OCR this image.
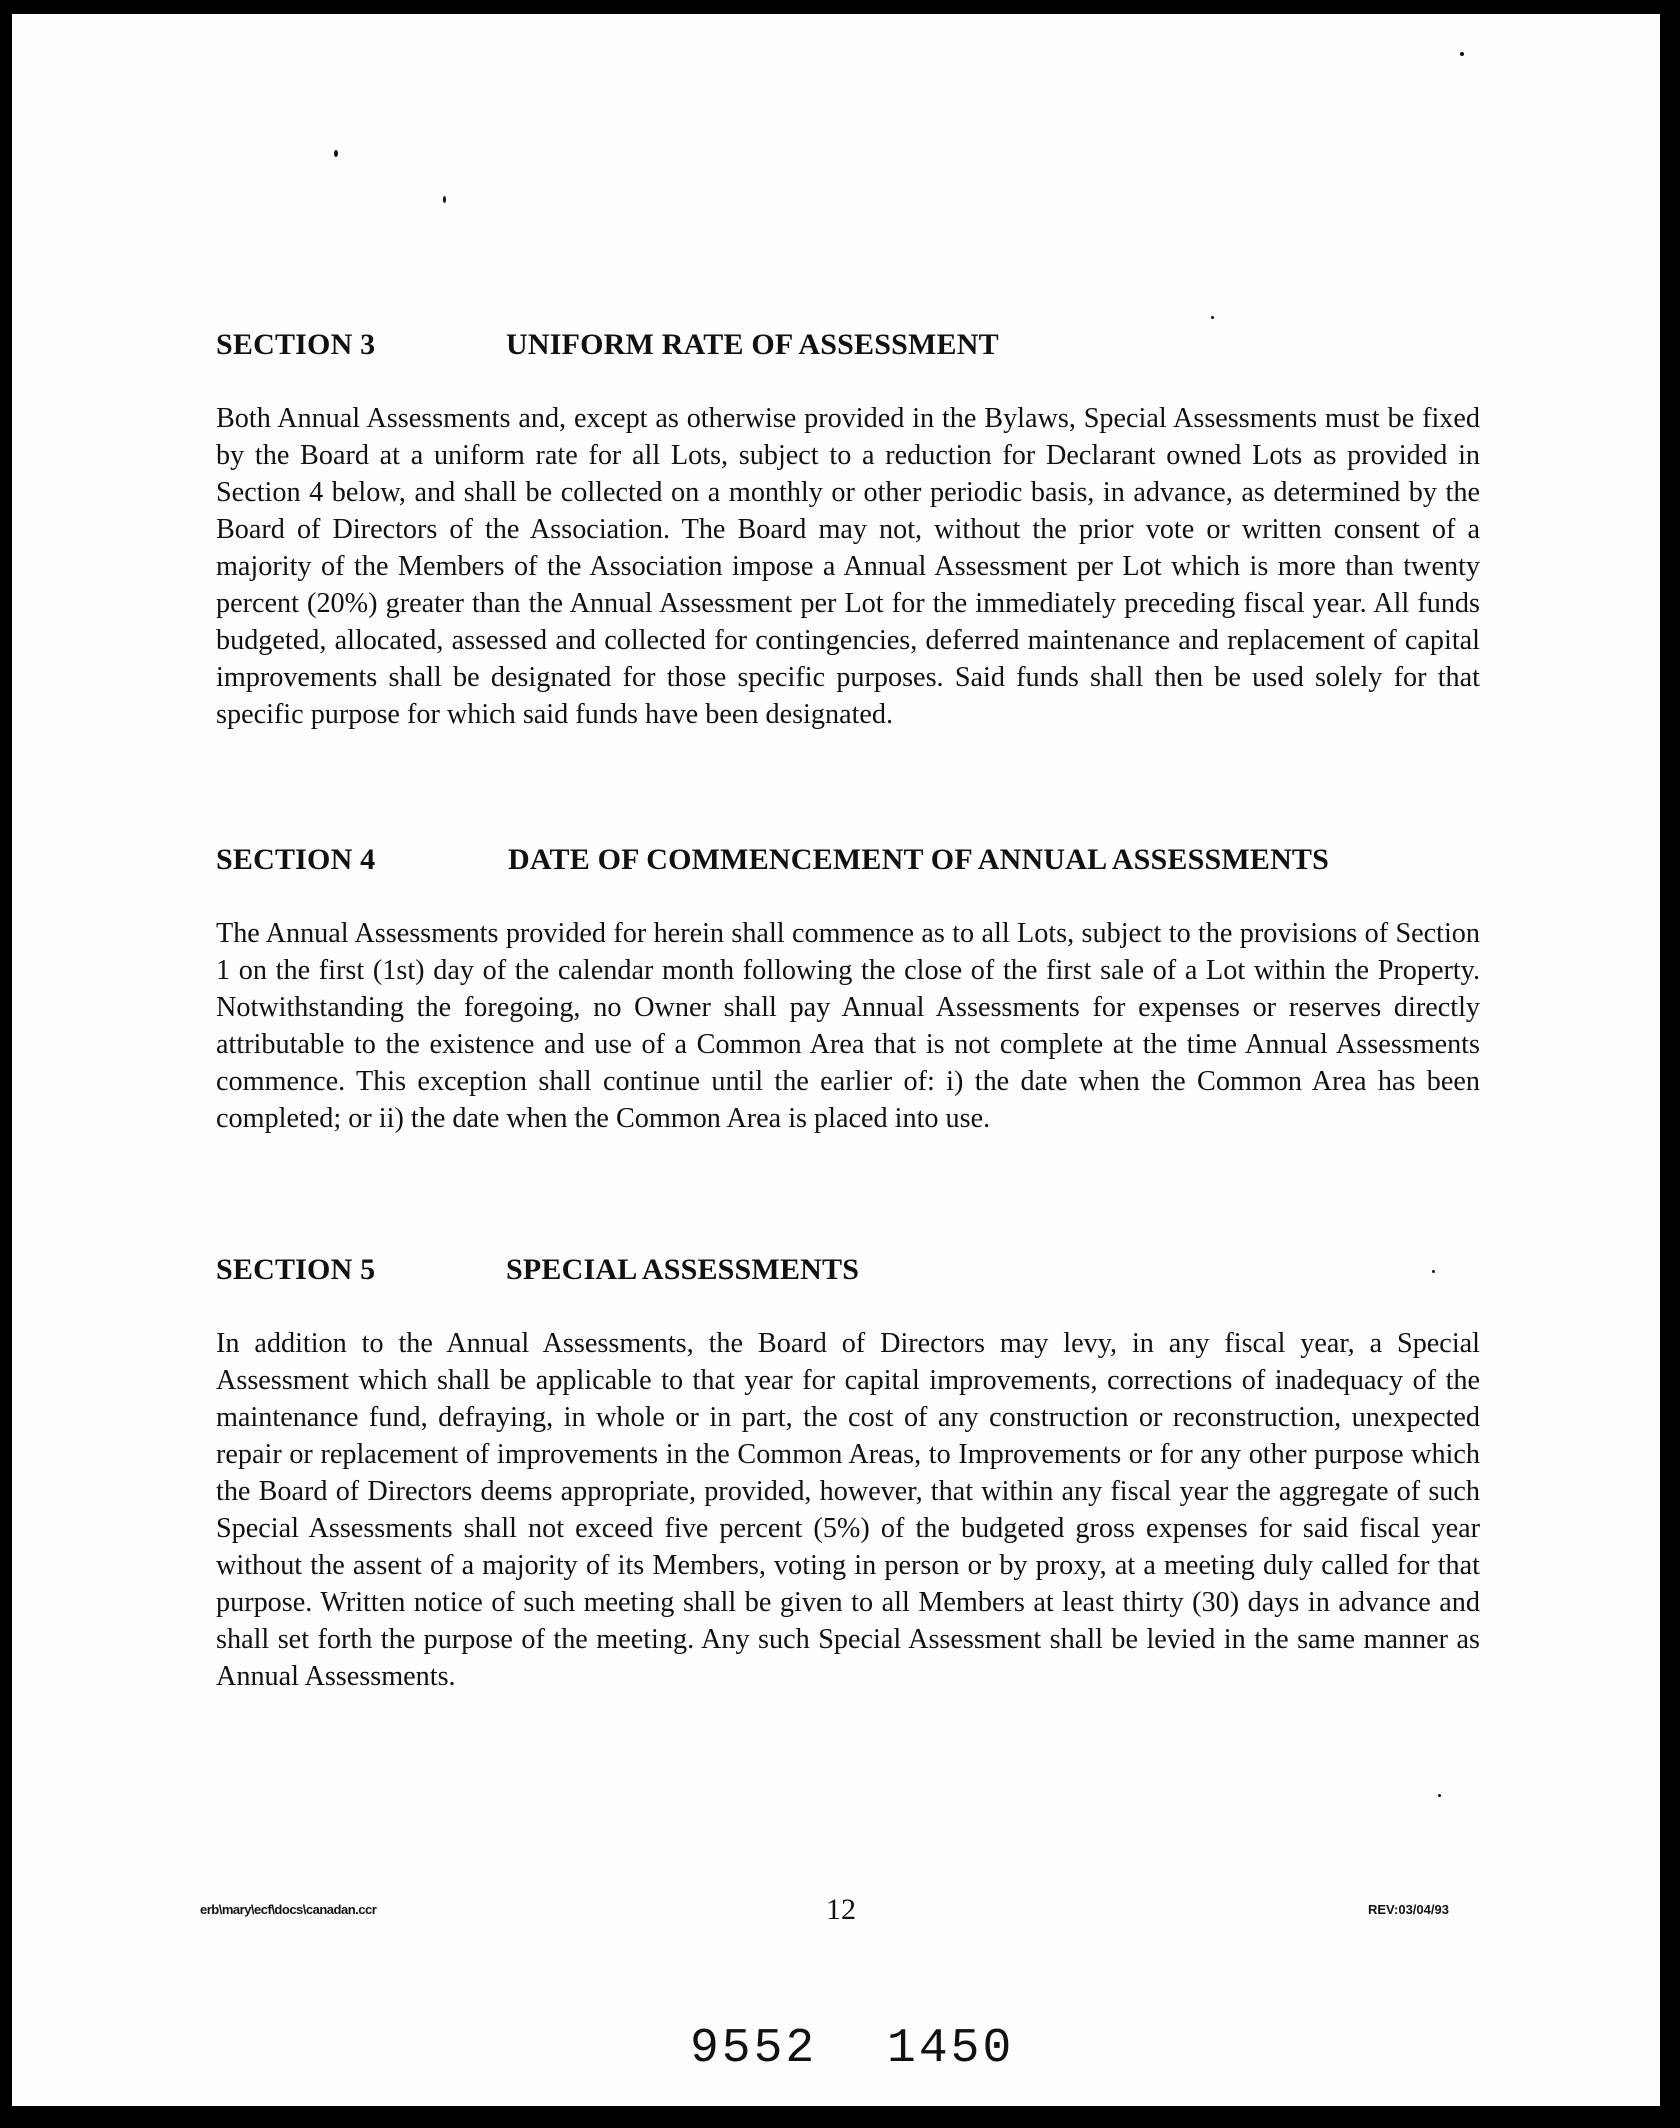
SECTION 3	UNIFORM RATE OF ASSESSMENT
Both Annual Assessments and, except as otherwise provided in the Bylaws, Special Assessments must be fixed by the Board at a uniform rate for all Lots, subject to a reduction for Declarant owned Lots as provided in Section 4 below, and shall be collected on a monthly or other periodic basis, in advance, as determined by the Board of Directors of the Association. The Board may not, without the prior vote or written consent of a majority of the Members of the Association impose a Annual Assessment per Lot which is more than twenty percent (20%) greater than the Annual Assessment per Lot for the immediately preceding fiscal year. All funds budgeted, allocated, assessed and collected for contingencies, deferred maintenance and replacement of capital improvements shall be designated for those specific purposes. Said funds shall then be used solely for that specific purpose for which said funds have been designated.
SECTION 4	DATE OF COMMENCEMENT OF ANNUAL ASSESSMENTS
The Annual Assessments provided for herein shall commence as to all Lots, subject to the provisions of Section 1 on the first (1st) day of the calendar month following the close of the first sale of a Lot within the Property. Notwithstanding the foregoing, no Owner shall pay Annual Assessments for expenses or reserves directly attributable to the existence and use of a Common Area that is not complete at the time Annual Assessments commence. This exception shall continue until the earlier of: i) the date when the Common Area has been completed; or ii) the date when the Common Area is placed into use.
SECTION 5	SPECIAL ASSESSMENTS
In addition to the Annual Assessments, the Board of Directors may levy, in any fiscal year, a Special Assessment which shall be applicable to that year for capital improvements, corrections of inadequacy of the maintenance fund, defraying, in whole or in part, the cost of any construction or reconstruction, unexpected repair or replacement of improvements in the Common Areas, to Improvements or for any other purpose which the Board of Directors deems appropriate, provided, however, that within any fiscal year the aggregate of such Special Assessments shall not exceed five percent (5%) of the budgeted gross expenses for said fiscal year without the assent of a majority of its Members, voting in person or by proxy, at a meeting duly called for that purpose. Written notice of such meeting shall be given to all Members at least thirty (30) days in advance and shall set forth the purpose of the meeting. Any such Special Assessment shall be levied in the same manner as Annual Assessments.
erb\mary\ecf\docs\canadan.ccr	12	REV:03/04/93
9552 1450
